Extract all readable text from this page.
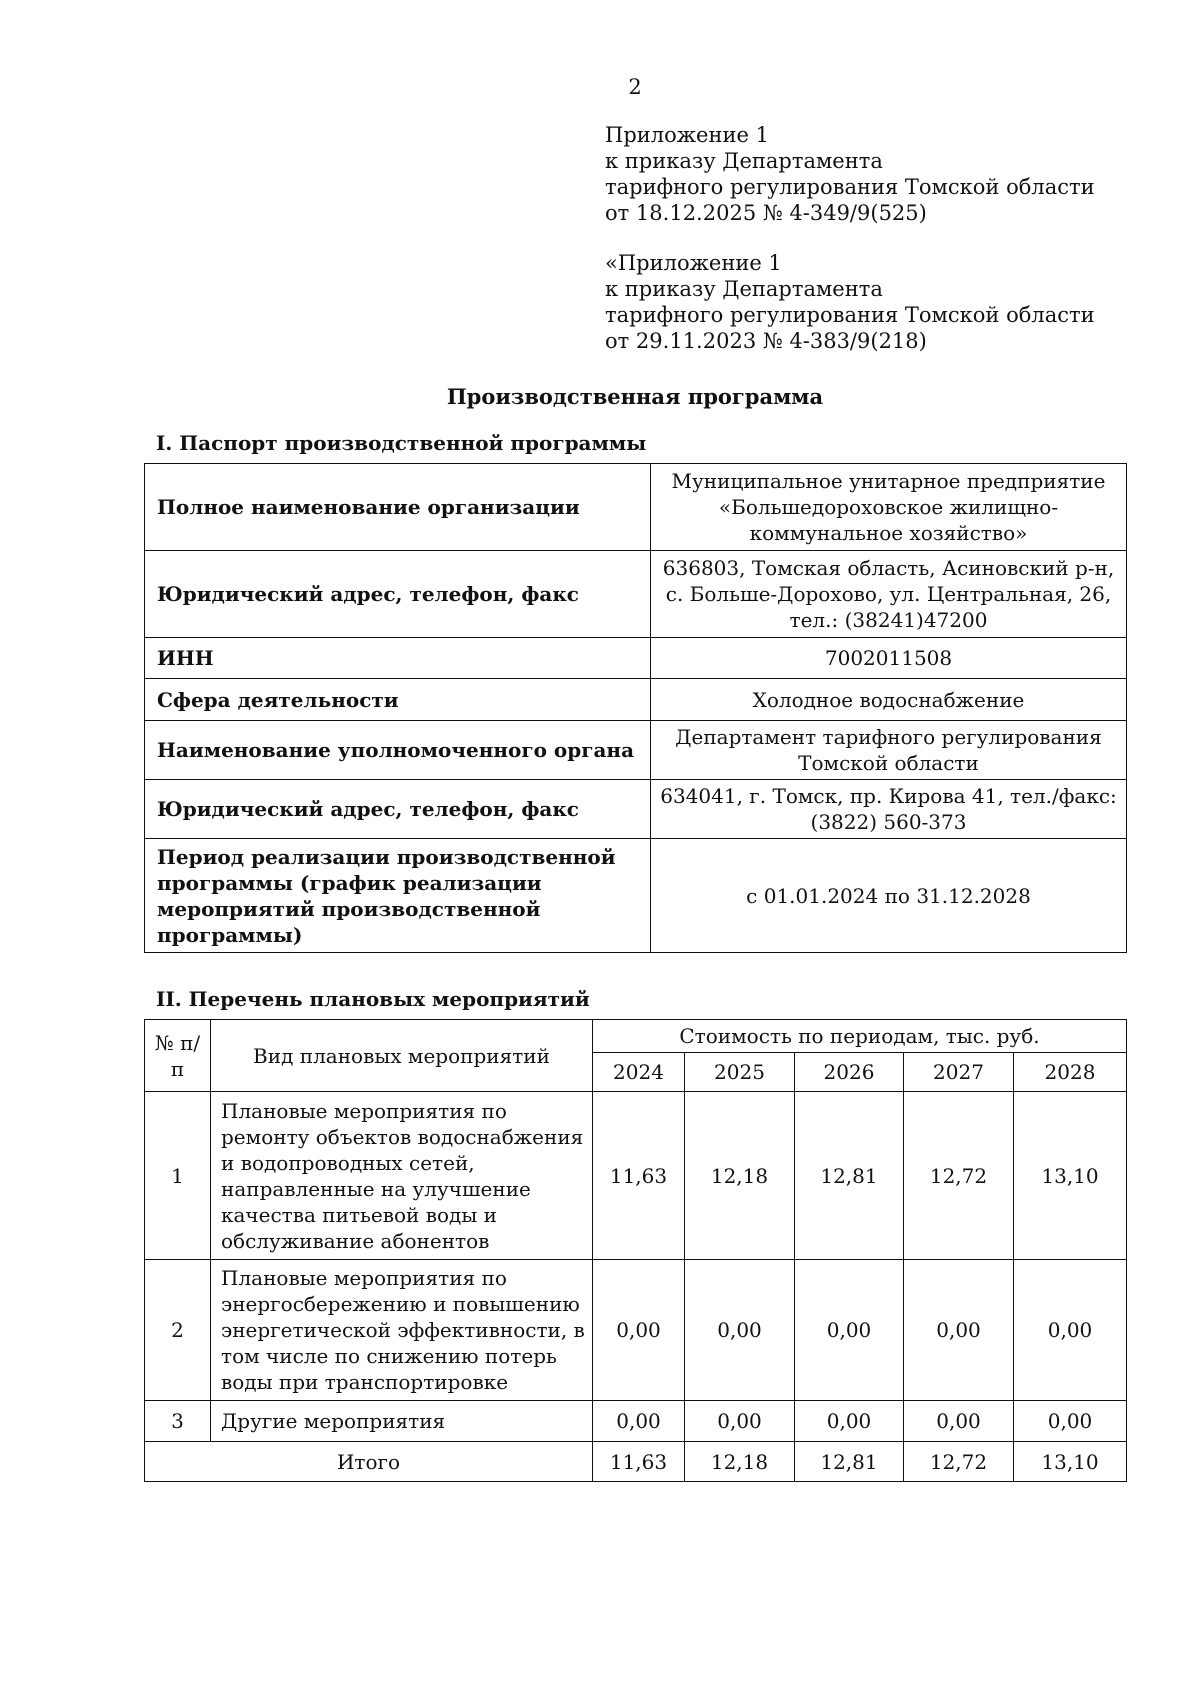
2
Приложение 1
к приказу Департамента
тарифного регулирования Томской области
от 18.12.2025 № 4-349/9(525)
«Приложение 1
к приказу Департамента
тарифного регулирования Томской области
от 29.11.2023 № 4-383/9(218)
Производственная программа
I. Паспорт производственной программы
Полное наименование организации	Муниципальное унитарное предприятие «Большедороховское жилищно-коммунальное хозяйство»
Юридический адрес, телефон, факс	636803, Томская область, Асиновский р-н, с. Больше-Дорохово, ул. Центральная, 26, тел.: (38241)47200
ИНН	7002011508
Сфера деятельности	Холодное водоснабжение
Наименование уполномоченного органа	Департамент тарифного регулирования Томской области
Юридический адрес, телефон, факс	634041, г. Томск, пр. Кирова 41, тел./факс: (3822) 560-373
Период реализации производственной программы (график реализации мероприятий производственной программы)	с 01.01.2024 по 31.12.2028
II. Перечень плановых мероприятий
№ п/п	Вид плановых мероприятий	Стоимость по периодам, тыс. руб.				
		2024	2025	2026	2027	2028
1	Плановые мероприятия по ремонту объектов водоснабжения и водопроводных сетей, направленные на улучшение качества питьевой воды и обслуживание абонентов	11,63	12,18	12,81	12,72	13,10
2	Плановые мероприятия по энергосбережению и повышению энергетической эффективности, в том числе по снижению потерь воды при транспортировке	0,00	0,00	0,00	0,00	0,00
3	Другие мероприятия	0,00	0,00	0,00	0,00	0,00
Итого		11,63	12,18	12,81	12,72	13,10
